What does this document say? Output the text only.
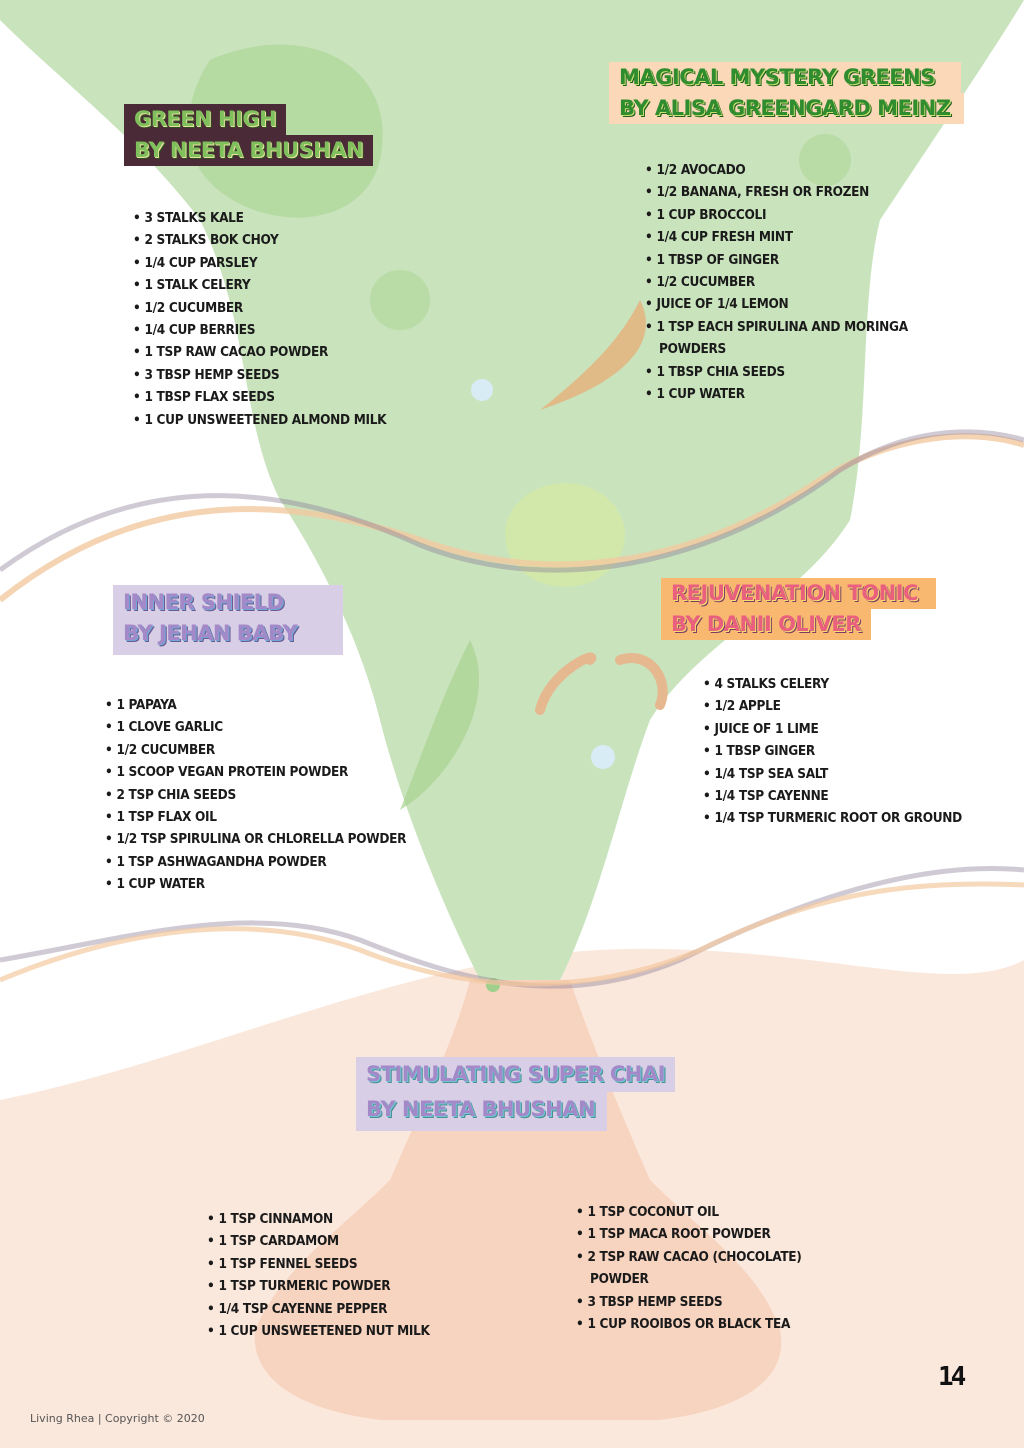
GREEN HIGH
BY NEETA BHUSHAN
• 3 STALKS KALE
• 2 STALKS BOK CHOY
• 1/4 CUP PARSLEY
• 1 STALK CELERY
• 1/2 CUCUMBER
• 1/4 CUP BERRIES
• 1 TSP RAW CACAO POWDER
• 3 TBSP HEMP SEEDS
• 1 TBSP FLAX SEEDS
• 1 CUP UNSWEETENED ALMOND MILK
MAGICAL MYSTERY GREENS
BY ALISA GREENGARD MEINZ
• 1/2 AVOCADO
• 1/2 BANANA, FRESH OR FROZEN
• 1 CUP BROCCOLI
• 1/4 CUP FRESH MINT
• 1 TBSP OF GINGER
• 1/2 CUCUMBER
• JUICE OF 1/4 LEMON
• 1 TSP EACH SPIRULINA AND MORINGA
POWDERS
• 1 TBSP CHIA SEEDS
• 1 CUP WATER
INNER SHIELD
BY JEHAN BABY
• 1 PAPAYA
• 1 CLOVE GARLIC
• 1/2 CUCUMBER
• 1 SCOOP VEGAN PROTEIN POWDER
• 2 TSP CHIA SEEDS
• 1 TSP FLAX OIL
• 1/2 TSP SPIRULINA OR CHLORELLA POWDER
• 1 TSP ASHWAGANDHA POWDER
• 1 CUP WATER
REJUVENATION TONIC
BY DANII OLIVER
• 4 STALKS CELERY
• 1/2 APPLE
• JUICE OF 1 LIME
• 1 TBSP GINGER
• 1/4 TSP SEA SALT
• 1/4 TSP CAYENNE
• 1/4 TSP TURMERIC ROOT OR GROUND
STIMULATING SUPER CHAI
BY NEETA BHUSHAN
• 1 TSP CINNAMON
• 1 TSP CARDAMOM
• 1 TSP FENNEL SEEDS
• 1 TSP TURMERIC POWDER
• 1/4 TSP CAYENNE PEPPER
• 1 CUP UNSWEETENED NUT MILK
• 1 TSP COCONUT OIL
• 1 TSP MACA ROOT POWDER
• 2 TSP RAW CACAO (CHOCOLATE)
POWDER
• 3 TBSP HEMP SEEDS
• 1 CUP ROOIBOS OR BLACK TEA
Living Rhea | Copyright © 2020
14
